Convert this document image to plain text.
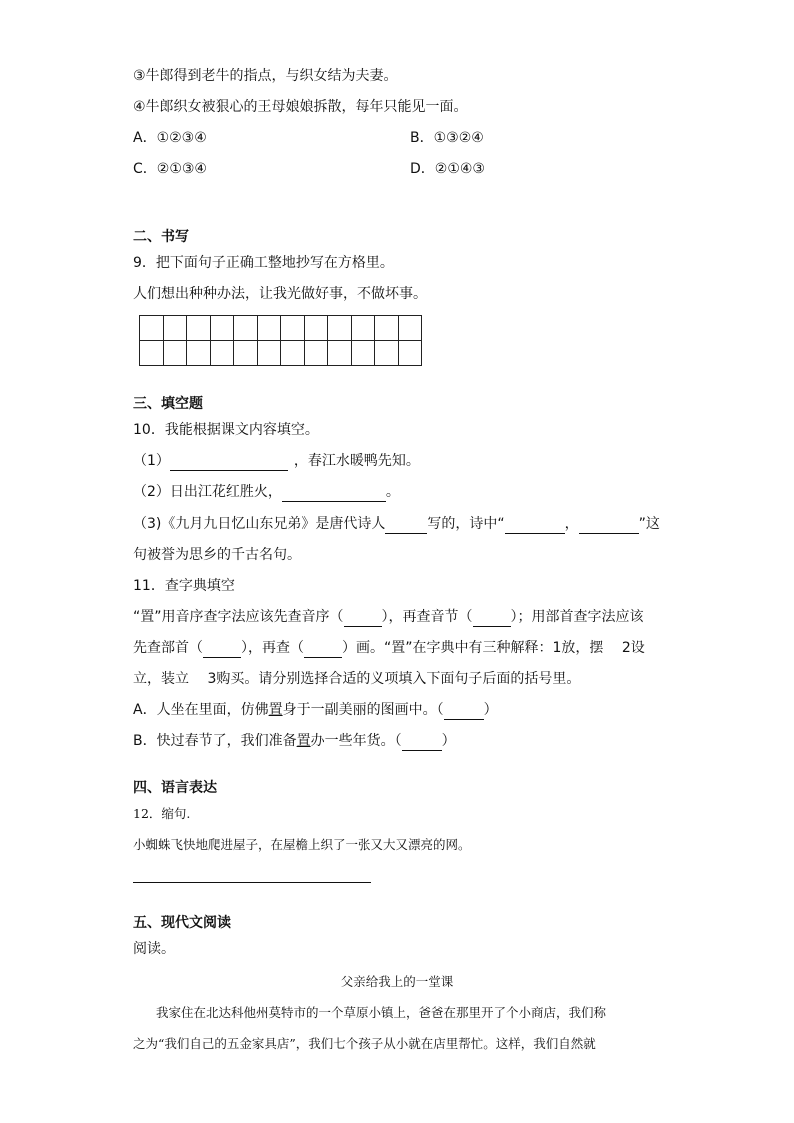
③牛郎得到老牛的指点，与织女结为夫妻。
④牛郎织女被狠心的王母娘娘拆散，每年只能见一面。
A．①②③④	B．①③②④
C．②①③④	D．②①④③
二、书写
9．把下面句子正确工整地抄写在方格里。
人们想出种种办法，让我光做好事，不做坏事。

三、填空题
10．我能根据课文内容填空。
（1）	，春江水暖鸭先知。
（2）日出江花红胜火，	。
（3)《九月九日忆山东兄弟》是唐代诗人	写的，诗中“	，	”这
句被誉为思乡的千古名句。
11．查字典填空
“置”用音序查字法应该先查音序（	），再查音节（	）；用部首查字法应该
先查部首（	），再查（	）画。“置”在字典中有三种解释：1放，摆　 2设
立，装立　 3购买。请分别选择合适的义项填入下面句子后面的括号里。
A．人坐在里面，仿佛置身于一副美丽的图画中。（	）
B．快过春节了，我们准备置办一些年货。（	）
四、语言表达
12．缩句.
小蜘蛛飞快地爬进屋子，在屋檐上织了一张又大又漂亮的网。
五、现代文阅读
阅读。
父亲给我上的一堂课
我家住在北达科他州莫特市的一个草原小镇上，爸爸在那里开了个小商店，我们称
之为“我们自己的五金家具店”，我们七个孩子从小就在店里帮忙。这样，我们自然就
